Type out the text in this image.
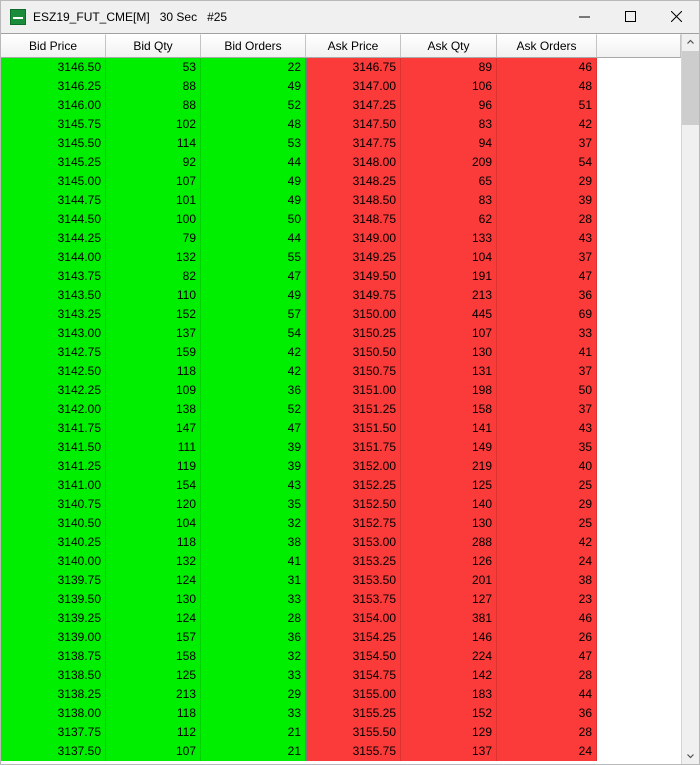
ESZ19_FUT_CME[M] 30 Sec #25
Bid Price	Bid Qty	Bid Orders	Ask Price	Ask Qty	Ask Orders
3146.50	53	22	3146.75	89	46
3146.25	88	49	3147.00	106	48
3146.00	88	52	3147.25	96	51
3145.75	102	48	3147.50	83	42
3145.50	114	53	3147.75	94	37
3145.25	92	44	3148.00	209	54
3145.00	107	49	3148.25	65	29
3144.75	101	49	3148.50	83	39
3144.50	100	50	3148.75	62	28
3144.25	79	44	3149.00	133	43
3144.00	132	55	3149.25	104	37
3143.75	82	47	3149.50	191	47
3143.50	110	49	3149.75	213	36
3143.25	152	57	3150.00	445	69
3143.00	137	54	3150.25	107	33
3142.75	159	42	3150.50	130	41
3142.50	118	42	3150.75	131	37
3142.25	109	36	3151.00	198	50
3142.00	138	52	3151.25	158	37
3141.75	147	47	3151.50	141	43
3141.50	111	39	3151.75	149	35
3141.25	119	39	3152.00	219	40
3141.00	154	43	3152.25	125	25
3140.75	120	35	3152.50	140	29
3140.50	104	32	3152.75	130	25
3140.25	118	38	3153.00	288	42
3140.00	132	41	3153.25	126	24
3139.75	124	31	3153.50	201	38
3139.50	130	33	3153.75	127	23
3139.25	124	28	3154.00	381	46
3139.00	157	36	3154.25	146	26
3138.75	158	32	3154.50	224	47
3138.50	125	33	3154.75	142	28
3138.25	213	29	3155.00	183	44
3138.00	118	33	3155.25	152	36
3137.75	112	21	3155.50	129	28
3137.50	107	21	3155.75	137	24
